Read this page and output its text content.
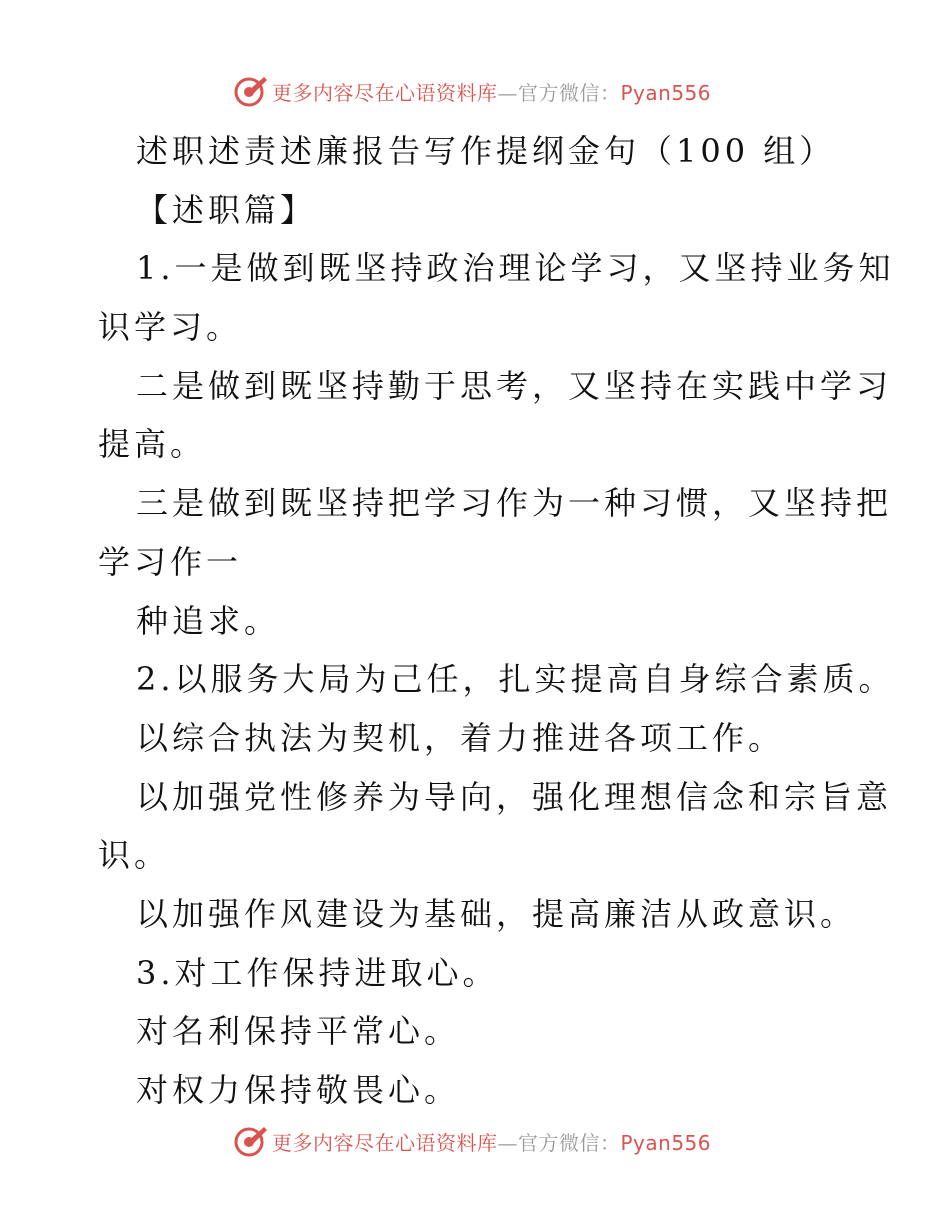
更多内容尽在心语资料库—官方微信：Pyan556
述职述责述廉报告写作提纲金句（100 组）
【述职篇】
1.一是做到既坚持政治理论学习，又坚持业务知
识学习。
二是做到既坚持勤于思考，又坚持在实践中学习
提高。
三是做到既坚持把学习作为一种习惯，又坚持把
学习作一
种追求。
2.以服务大局为己任，扎实提高自身综合素质。
以综合执法为契机，着力推进各项工作。
以加强党性修养为导向，强化理想信念和宗旨意
识。
以加强作风建设为基础，提高廉洁从政意识。
3.对工作保持进取心。
对名利保持平常心。
对权力保持敬畏心。
更多内容尽在心语资料库—官方微信：Pyan556
